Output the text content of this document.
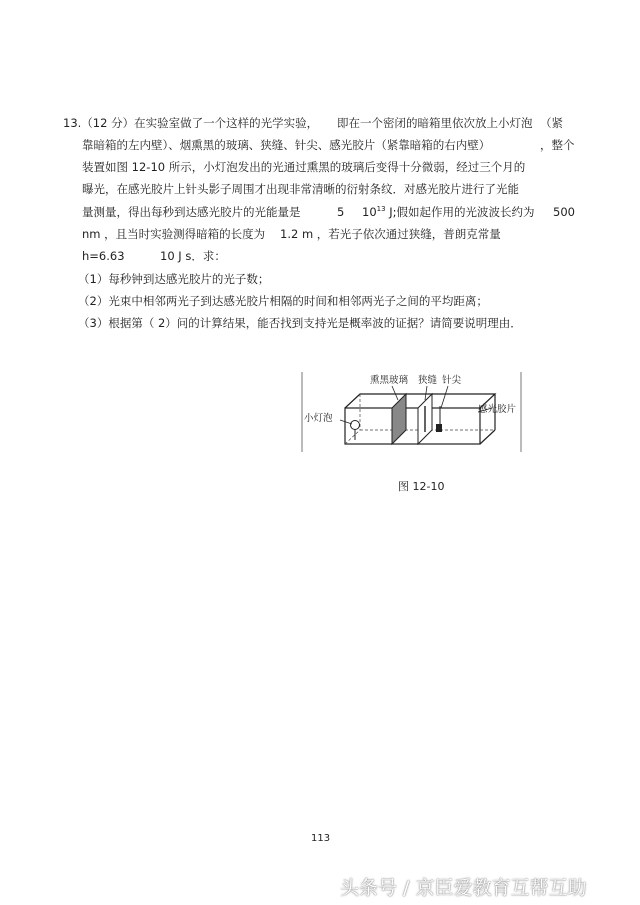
13.（12 分）在实验室做了一个这样的光学实验， 即在一个密闭的暗箱里依次放上小灯泡 （紧
靠暗箱的左内壁）、烟熏黑的玻璃、狭缝、针尖、感光胶片（紧靠暗箱的右内壁）	，整个
装置如图 12-10 所示，小灯泡发出的光通过熏黑的玻璃后变得十分微弱，经过三个月的
曝光，在感光胶片上针头影子周围才出现非常清晰的衍射条纹．对感光胶片进行了光能
量测量，得出每秒到达感光胶片的光能量是	5 $10^{13}$ J;假如起作用的光波波长约为 500
nm ，且当时实验测得暗箱的长度为 1.2 m ，若光子依次通过狭缝，普朗克常量
h=6.63	10 J s．求：
（1）每秒钟到达感光胶片的光子数；
（2）光束中相邻两光子到达感光胶片相隔的时间和相邻两光子之间的平均距离；
（3）根据第（ 2）问的计算结果，能否找到支持光是概率波的证据？请简要说明理由．
熏黑玻璃 狭缝 针尖
小灯泡
感光胶片
图 12-10
113
头条号 / 京臣爱教育互帮互助
